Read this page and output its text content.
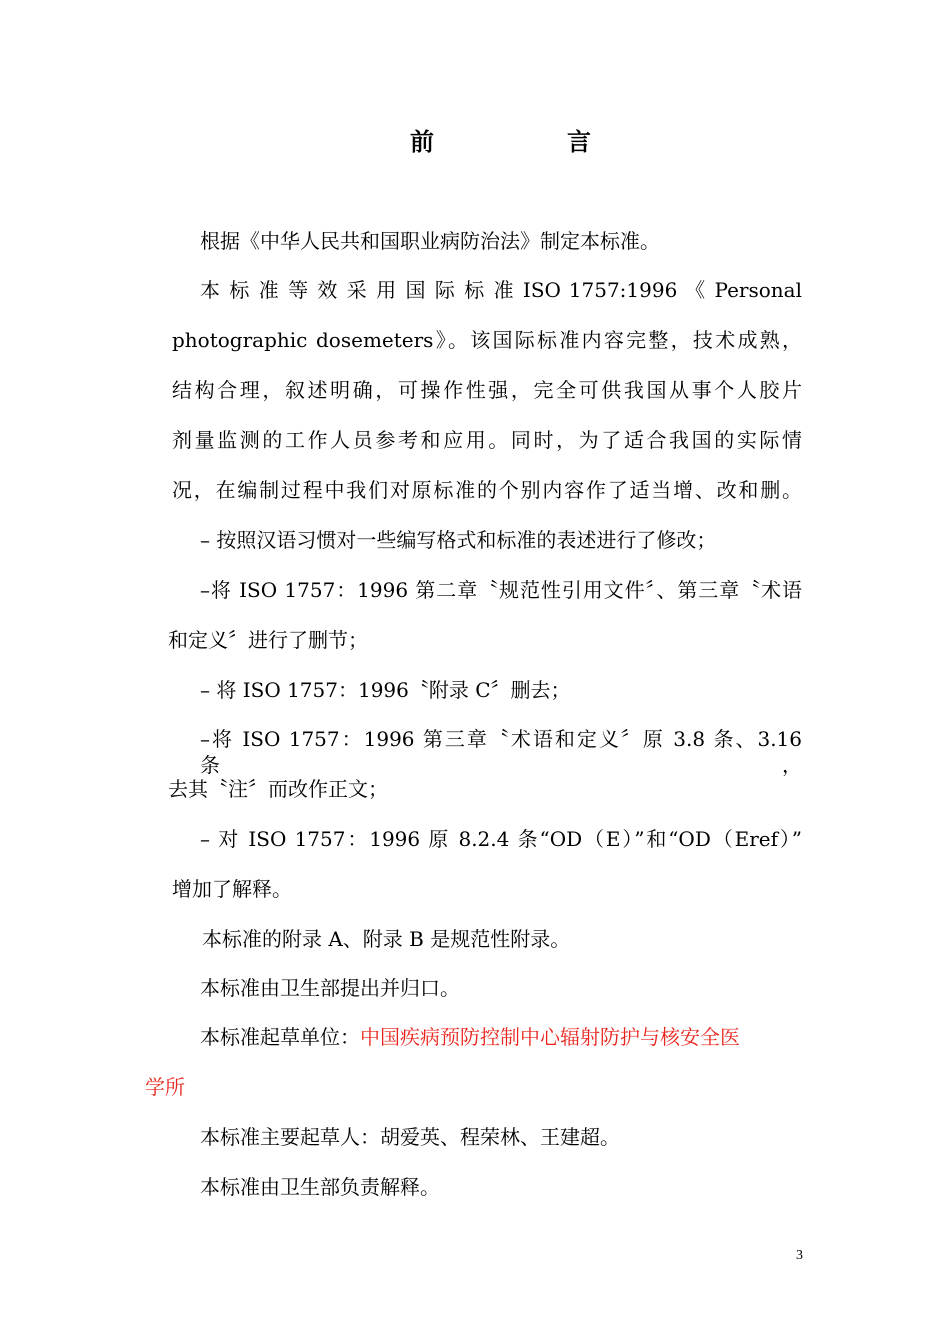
前	言

根据《中华人民共和国职业病防治法》制定本标准。

本 标 准 等 效 采 用 国 际 标 准 ISO 1757:1996 《 Personal

photographic dosemeters》。该国际标准内容完整，技术成熟，

结构合理，叙述明确，可操作性强，完全可供我国从事个人胶片

剂量监测的工作人员参考和应用。同时，为了适合我国的实际情

况，在编制过程中我们对原标准的个别内容作了适当增、改和删。

– 按照汉语习惯对一些编写格式和标准的表述进行了修改；

–将 ISO 1757：1996 第二章〝规范性引用文件〞、第三章〝术语

和定义〞进行了删节；

– 将 ISO 1757：1996〝附录 C〞删去；

–将 ISO 1757：1996 第三章〝术语和定义〞原 3.8 条、3.16 条，

去其〝注〞而改作正文；

– 对 ISO 1757：1996 原 8.2.4 条“OD（E）”和“OD（Eref）”

增加了解释。

本标准的附录 A、附录 B 是规范性附录。

本标准由卫生部提出并归口。

本标准起草单位：中国疾病预防控制中心辐射防护与核安全医

学所

本标准主要起草人：胡爱英、程荣林、王建超。

本标准由卫生部负责解释。

3
